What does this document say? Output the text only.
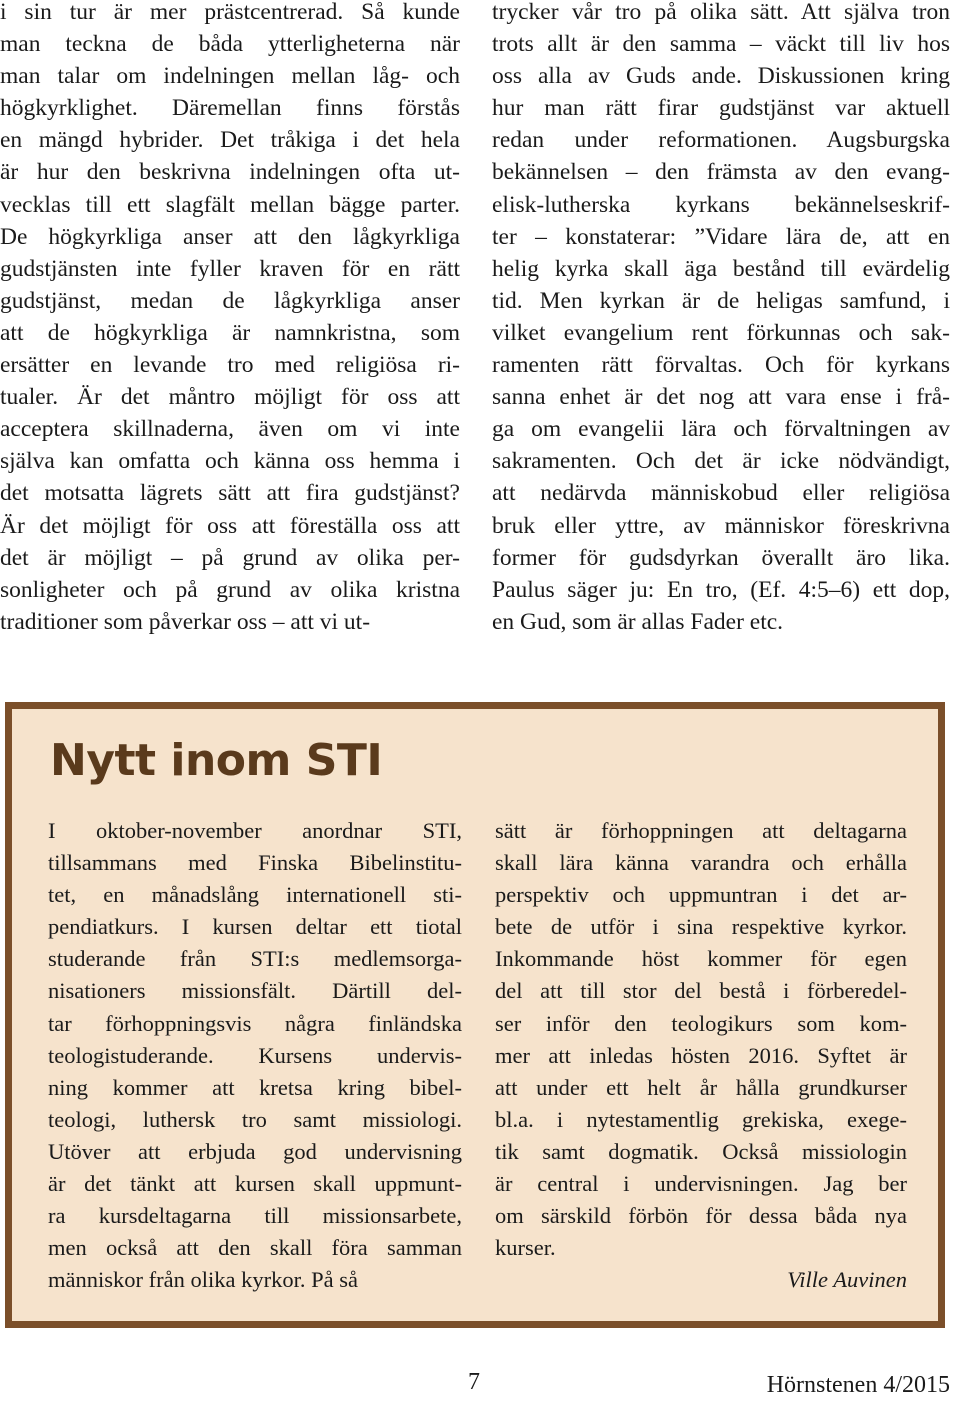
i sin tur är mer prästcentrerad. Så kunde
man teckna de båda ytterligheterna när
man talar om indelningen mellan låg- och
högkyrklighet. Däremellan finns förstås
en mängd hybrider. Det tråkiga i det hela
är hur den beskrivna indelningen ofta ut-
vecklas till ett slagfält mellan bägge parter.
De högkyrkliga anser att den lågkyrkliga
gudstjänsten inte fyller kraven för en rätt
gudstjänst, medan de lågkyrkliga anser
att de högkyrkliga är namnkristna, som
ersätter en levande tro med religiösa ri-
tualer. Är det måntro möjligt för oss att
acceptera skillnaderna, även om vi inte
själva kan omfatta och känna oss hemma i
det motsatta lägrets sätt att fira gudstjänst?
Är det möjligt för oss att föreställa oss att
det är möjligt – på grund av olika per-
sonligheter och på grund av olika kristna
traditioner som påverkar oss – att vi ut-
trycker vår tro på olika sätt. Att själva tron
trots allt är den samma – väckt till liv hos
oss alla av Guds ande. Diskussionen kring
hur man rätt firar gudstjänst var aktuell
redan under reformationen. Augsburgska
bekännelsen – den främsta av den evang-
elisk-lutherska kyrkans bekännelseskrif-
ter – konstaterar: ”Vidare lära de, att en
helig kyrka skall äga bestånd till evärdelig
tid. Men kyrkan är de heligas samfund, i
vilket evangelium rent förkunnas och sak-
ramenten rätt förvaltas. Och för kyrkans
sanna enhet är det nog att vara ense i frå-
ga om evangelii lära och förvaltningen av
sakramenten. Och det är icke nödvändigt,
att nedärvda människobud eller religiösa
bruk eller yttre, av människor föreskrivna
former för gudsdyrkan överallt äro lika.
Paulus säger ju: En tro, (Ef. 4:5–6) ett dop,
en Gud, som är allas Fader etc.
Nytt inom STI
I oktober-november anordnar STI,
tillsammans med Finska Bibelinstitu-
tet, en månadslång internationell sti-
pendiatkurs. I kursen deltar ett tiotal
studerande från STI:s medlemsorga-
nisationers missionsfält. Därtill del-
tar förhoppningsvis några finländska
teologistuderande. Kursens undervis-
ning kommer att kretsa kring bibel-
teologi, luthersk tro samt missiologi.
Utöver att erbjuda god undervisning
är det tänkt att kursen skall uppmunt-
ra kursdeltagarna till missionsarbete,
men också att den skall föra samman
människor från olika kyrkor. På så
sätt är förhoppningen att deltagarna
skall lära känna varandra och erhålla
perspektiv och uppmuntran i det ar-
bete de utför i sina respektive kyrkor.
Inkommande höst kommer för egen
del att till stor del bestå i förberedel-
ser inför den teologikurs som kom-
mer att inledas hösten 2016. Syftet är
att under ett helt år hålla grundkurser
bl.a. i nytestamentlig grekiska, exege-
tik samt dogmatik. Också missiologin
är central i undervisningen. Jag ber
om särskild förbön för dessa båda nya
kurser.
Ville Auvinen
7	Hörnstenen 4/2015
